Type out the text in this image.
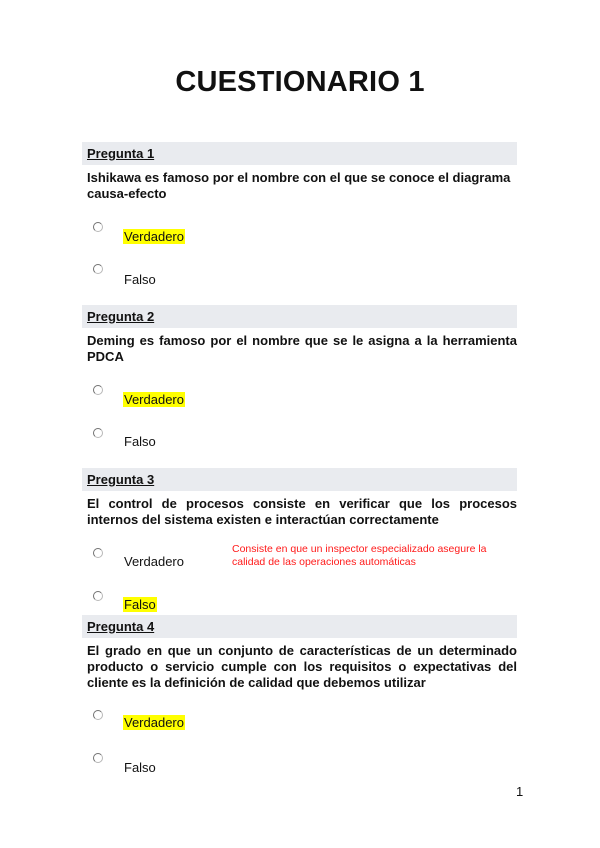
CUESTIONARIO 1
Pregunta 1
Ishikawa es famoso por el nombre con el que se conoce el diagrama causa-efecto
Verdadero
Falso
Pregunta 2
Deming es famoso por el nombre que se le asigna a la herramienta PDCA
Verdadero
Falso
Pregunta 3
El control de procesos consiste en verificar que los procesos internos del sistema existen e interactúan correctamente
Verdadero
Consiste en que un inspector especializado asegure la calidad de las operaciones automáticas
Falso
Pregunta 4
El grado en que un conjunto de características de un determinado producto o servicio cumple con los requisitos o expectativas del cliente es la definición de calidad que debemos utilizar
Verdadero
Falso
1
